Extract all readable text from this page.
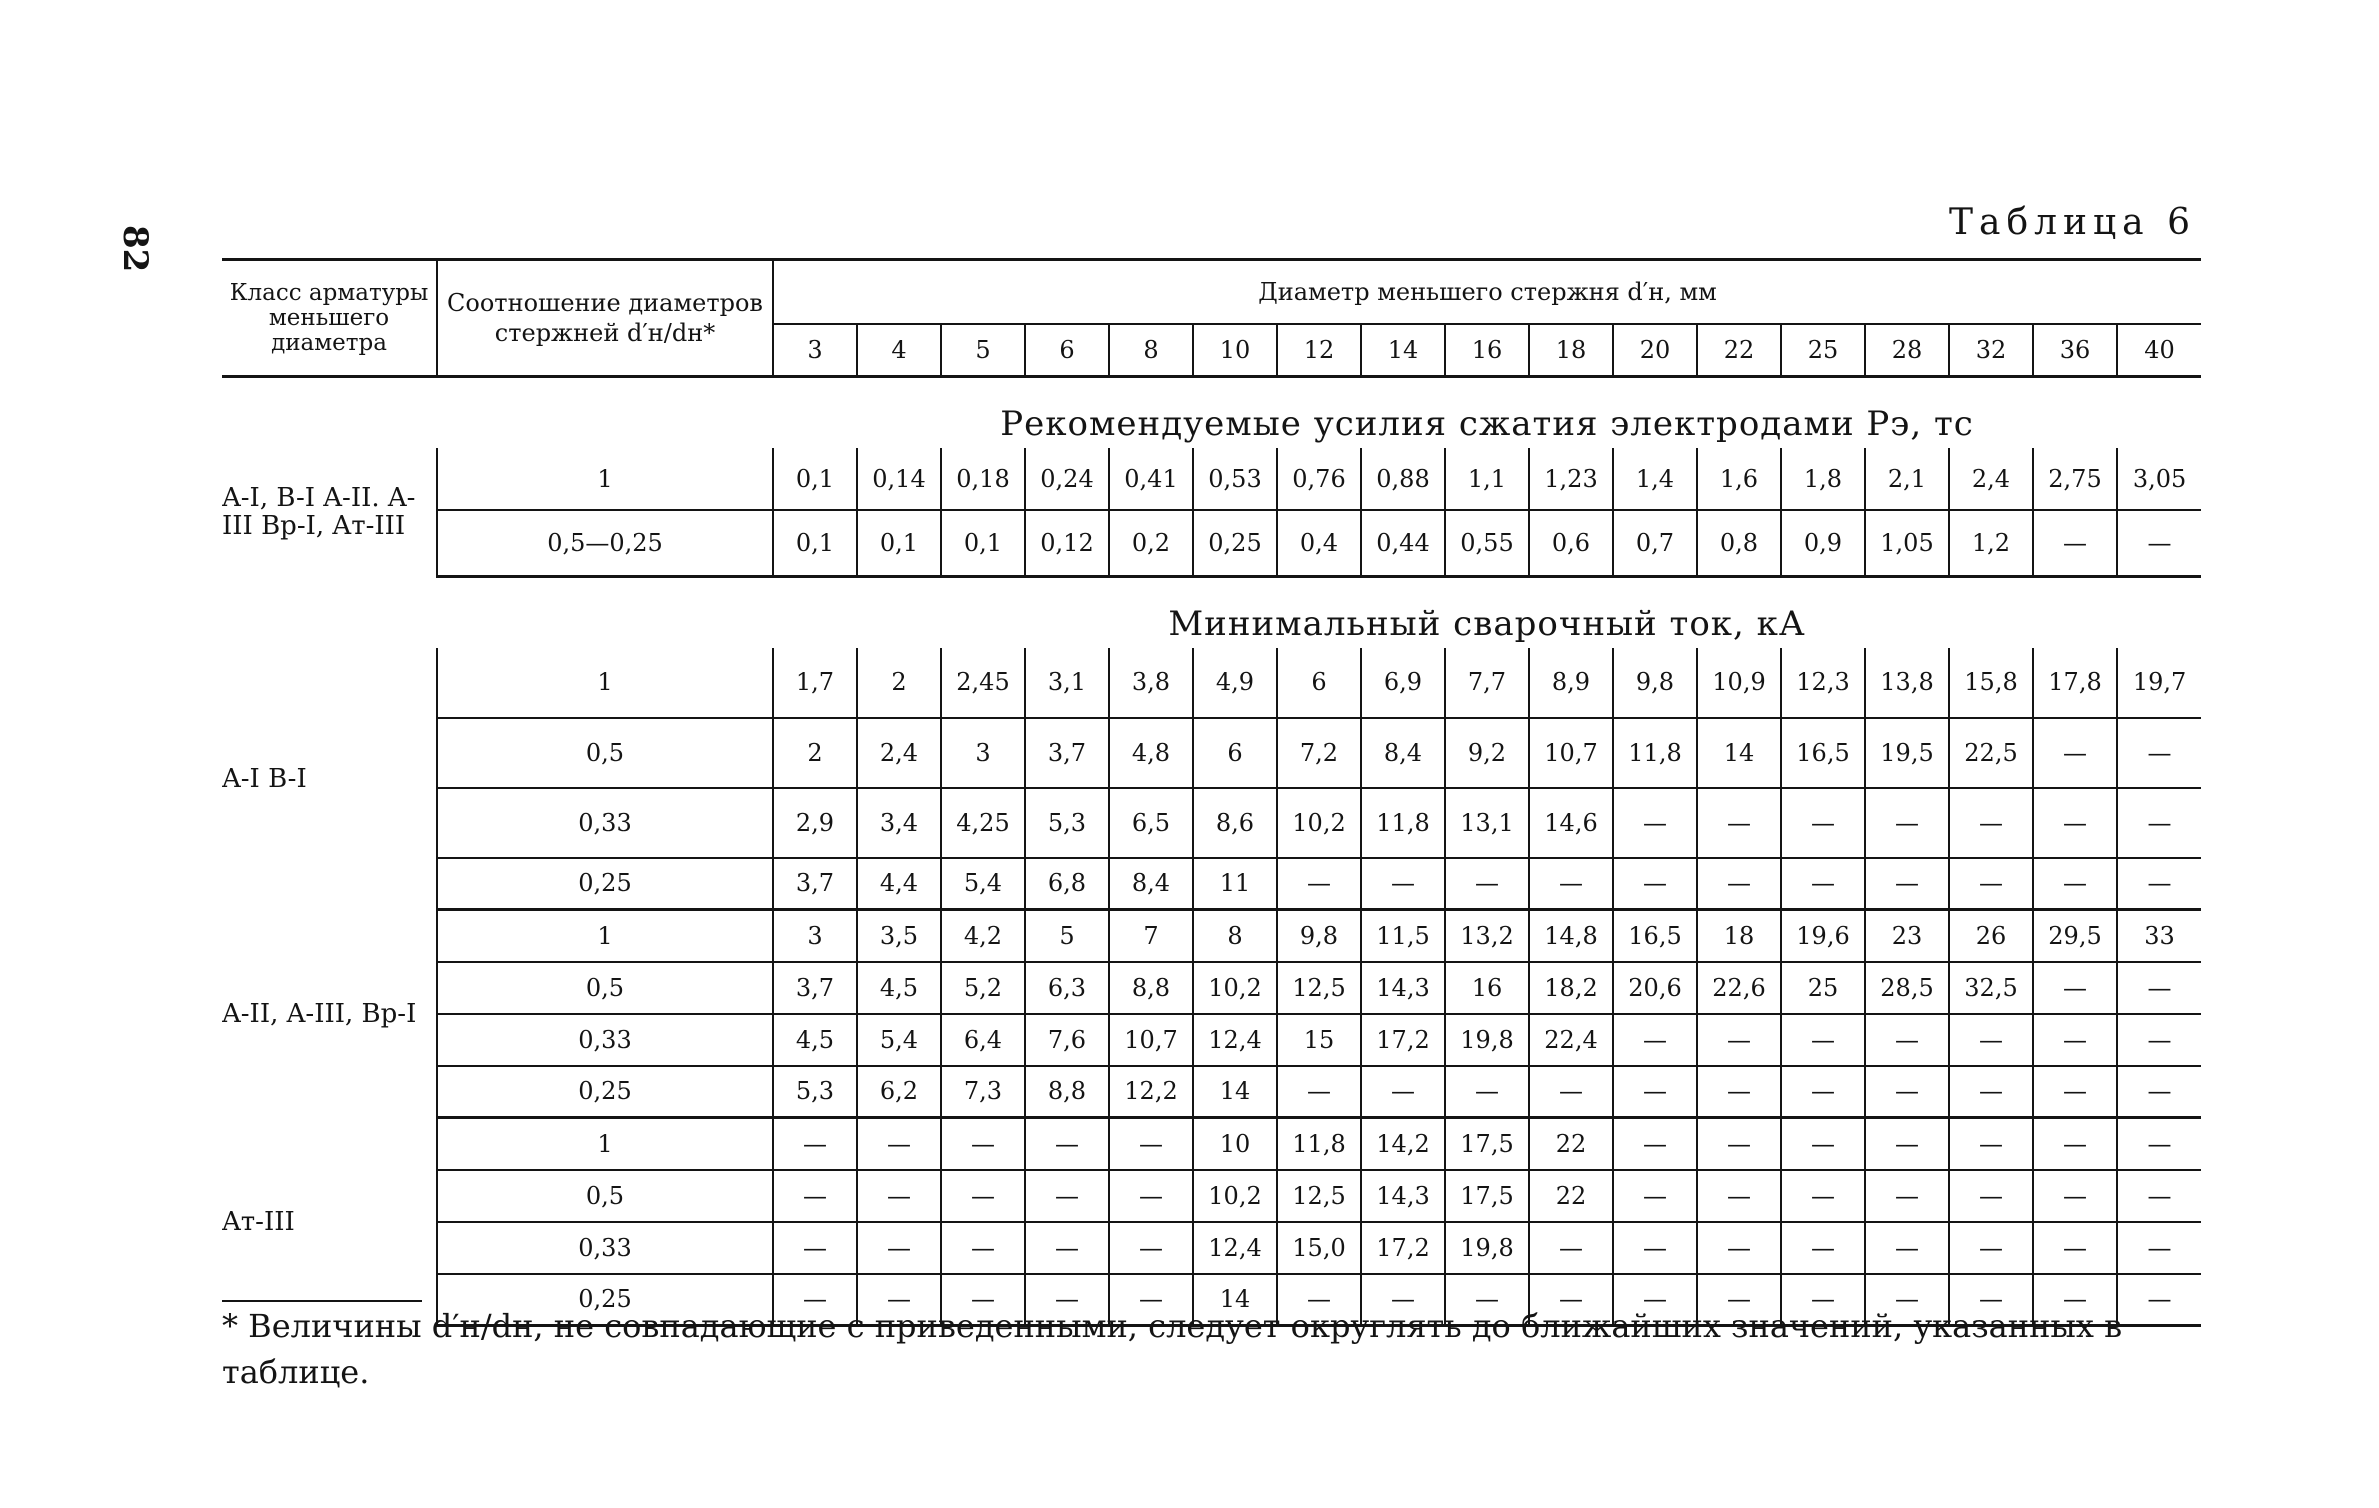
82
Таблица 6
Класс арматуры меньшего диаметра	Соотношение диаметров стержней d′н/dн*	Диаметр меньшего стержня d′н, мм																
		3	4	5	6	8	10	12	14	16	18	20	22	25	28	32	36	40
		Рекомендуемые усилия сжатия электродами Pэ, тс																
A-I, B-I A-II. A-III Bp-I, Aт-III	1	0,1	0,14	0,18	0,24	0,41	0,53	0,76	0,88	1,1	1,23	1,4	1,6	1,8	2,1	2,4	2,75	3,05
	0,5—0,25	0,1	0,1	0,1	0,12	0,2	0,25	0,4	0,44	0,55	0,6	0,7	0,8	0,9	1,05	1,2	—	—
		Минимальный сварочный ток, кА																
A-I B-I	1	1,7	2	2,45	3,1	3,8	4,9	6	6,9	7,7	8,9	9,8	10,9	12,3	13,8	15,8	17,8	19,7
	0,5	2	2,4	3	3,7	4,8	6	7,2	8,4	9,2	10,7	11,8	14	16,5	19,5	22,5	—	—
	0,33	2,9	3,4	4,25	5,3	6,5	8,6	10,2	11,8	13,1	14,6	—	—	—	—	—	—	—
	0,25	3,7	4,4	5,4	6,8	8,4	11	—	—	—	—	—	—	—	—	—	—	—
A-II, A-III, Bp-I	1	3	3,5	4,2	5	7	8	9,8	11,5	13,2	14,8	16,5	18	19,6	23	26	29,5	33
	0,5	3,7	4,5	5,2	6,3	8,8	10,2	12,5	14,3	16	18,2	20,6	22,6	25	28,5	32,5	—	—
	0,33	4,5	5,4	6,4	7,6	10,7	12,4	15	17,2	19,8	22,4	—	—	—	—	—	—	—
	0,25	5,3	6,2	7,3	8,8	12,2	14	—	—	—	—	—	—	—	—	—	—	—
Aт-III	1	—	—	—	—	—	10	11,8	14,2	17,5	22	—	—	—	—	—	—	—
	0,5	—	—	—	—	—	10,2	12,5	14,3	17,5	22	—	—	—	—	—	—	—
	0,33	—	—	—	—	—	12,4	15,0	17,2	19,8	—	—	—	—	—	—	—	—
	0,25	—	—	—	—	—	14	—	—	—	—	—	—	—	—	—	—	—
* Величины d′н/dн, не совпадающие с приведенными, следует округлять до ближайших значений, указанных в таблице.
